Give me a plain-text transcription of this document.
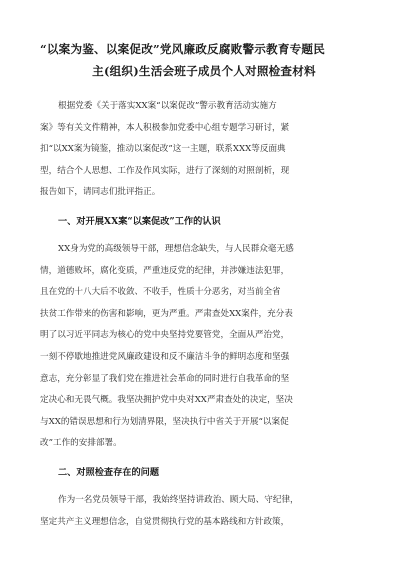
“以案为鉴、以案促改”党风廉政反腐败警示教育专题民
主(组织)生活会班子成员个人对照检查材料

根据党委《关于落实XX案“以案促改”警示教育活动实施方
案》等有关文件精神，本人积极参加党委中心组专题学习研讨，紧
扣“以XX案为镜鉴，推动以案促改”这一主题，联系XXX等反面典
型，结合个人思想、工作及作风实际，进行了深刻的对照剖析，现
报告如下，请同志们批评指正。

一、对开展XX案“以案促改”工作的认识

XX身为党的高级领导干部，理想信念缺失，与人民群众毫无感
情，道德败坏，腐化变质，严重违反党的纪律，并涉嫌违法犯罪，
且在党的十八大后不收敛、不收手，性质十分恶劣，对当前全省
扶贫工作带来的伤害和影响，更为严重。严肃查处XX案件，充分表
明了以习近平同志为核心的党中央坚持党要管党，全面从严治党，
一刻不停歇地推进党风廉政建设和反不廉洁斗争的鲜明态度和坚强
意志，充分彰显了我们党在推进社会革命的同时进行自我革命的坚
定决心和无畏气概。我坚决拥护党中央对XX严肃查处的决定，坚决
与XX的错误思想和行为划清界限，坚决执行中省关于开展“以案促
改”工作的安排部署。

二、对照检查存在的问题

作为一名党员领导干部，我始终坚持讲政治、顾大局、守纪律，
坚定共产主义理想信念，自觉贯彻执行党的基本路线和方针政策，
